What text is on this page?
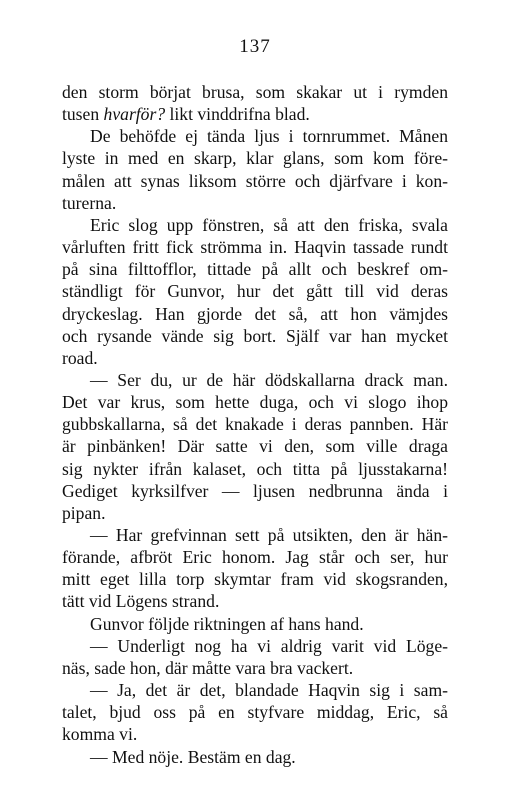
137
den storm börjat brusa, som skakar ut i rymden
tusen hvarför? likt vinddrifna blad.
De behöfde ej tända ljus i tornrummet. Månen
lyste in med en skarp, klar glans, som kom före-
målen att synas liksom större och djärfvare i kon-
turerna.
Eric slog upp fönstren, så att den friska, svala
vårluften fritt fick strömma in. Haqvin tassade rundt
på sina filttofflor, tittade på allt och beskref om-
ständligt för Gunvor, hur det gått till vid deras
dryckeslag. Han gjorde det så, att hon vämjdes
och rysande vände sig bort. Själf var han mycket
road.
— Ser du, ur de här dödskallarna drack man.
Det var krus, som hette duga, och vi slogo ihop
gubbskallarna, så det knakade i deras pannben. Här
är pinbänken! Där satte vi den, som ville draga
sig nykter ifrån kalaset, och titta på ljusstakarna!
Gediget kyrksilfver — ljusen nedbrunna ända i
pipan.
— Har grefvinnan sett på utsikten, den är hän-
förande, afbröt Eric honom. Jag står och ser, hur
mitt eget lilla torp skymtar fram vid skogsranden,
tätt vid Lögens strand.
Gunvor följde riktningen af hans hand.
— Underligt nog ha vi aldrig varit vid Löge-
näs, sade hon, där måtte vara bra vackert.
— Ja, det är det, blandade Haqvin sig i sam-
talet, bjud oss på en styfvare middag, Eric, så
komma vi.
— Med nöje. Bestäm en dag.
